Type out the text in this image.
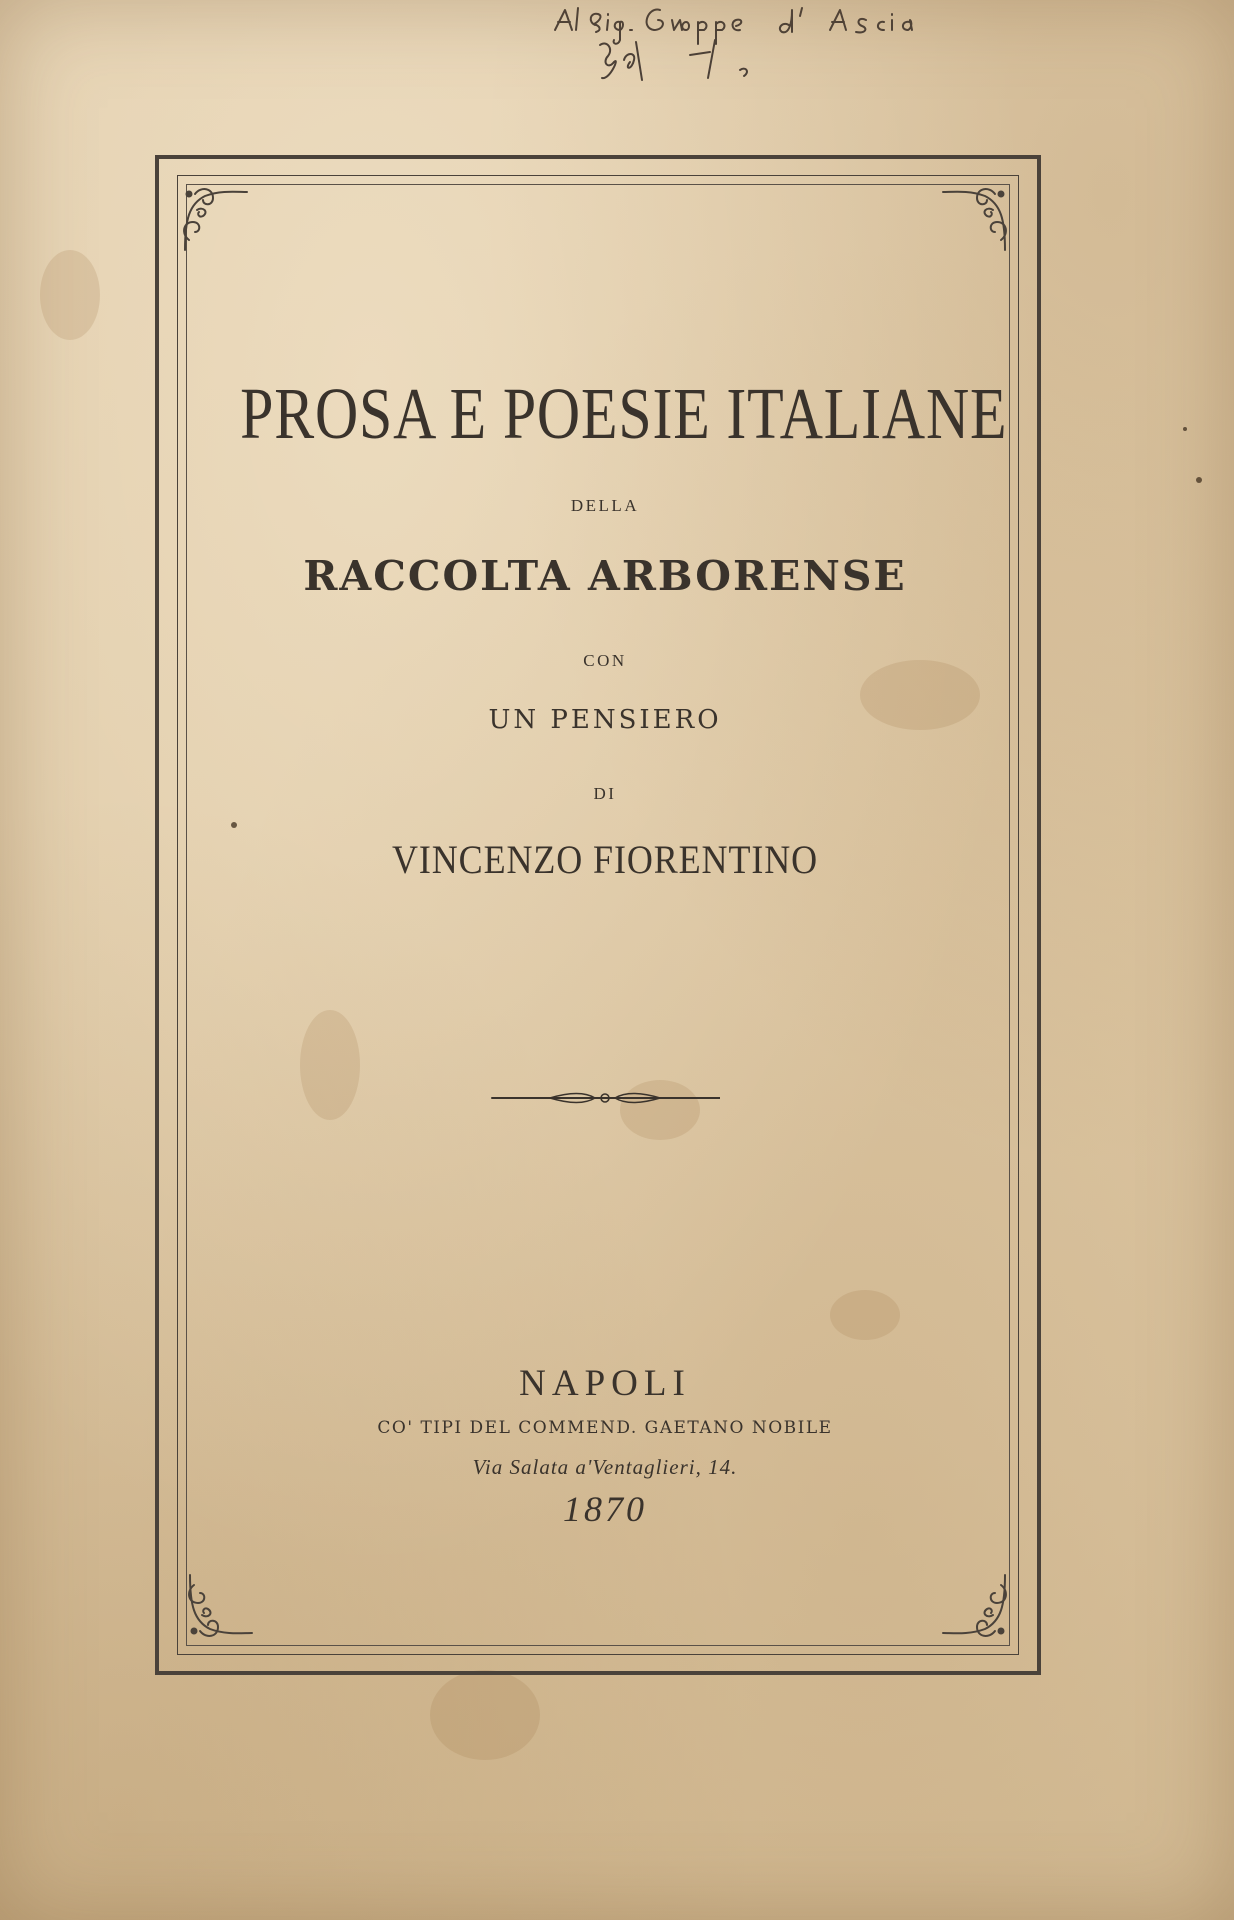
PROSA E POESIE ITALIANE
DELLA
RACCOLTA ARBORENSE
CON
UN PENSIERO
DI
VINCENZO FIORENTINO
NAPOLI
CO' TIPI DEL COMMEND. GAETANO NOBILE
Via Salata a'Ventaglieri, 14.
1870
